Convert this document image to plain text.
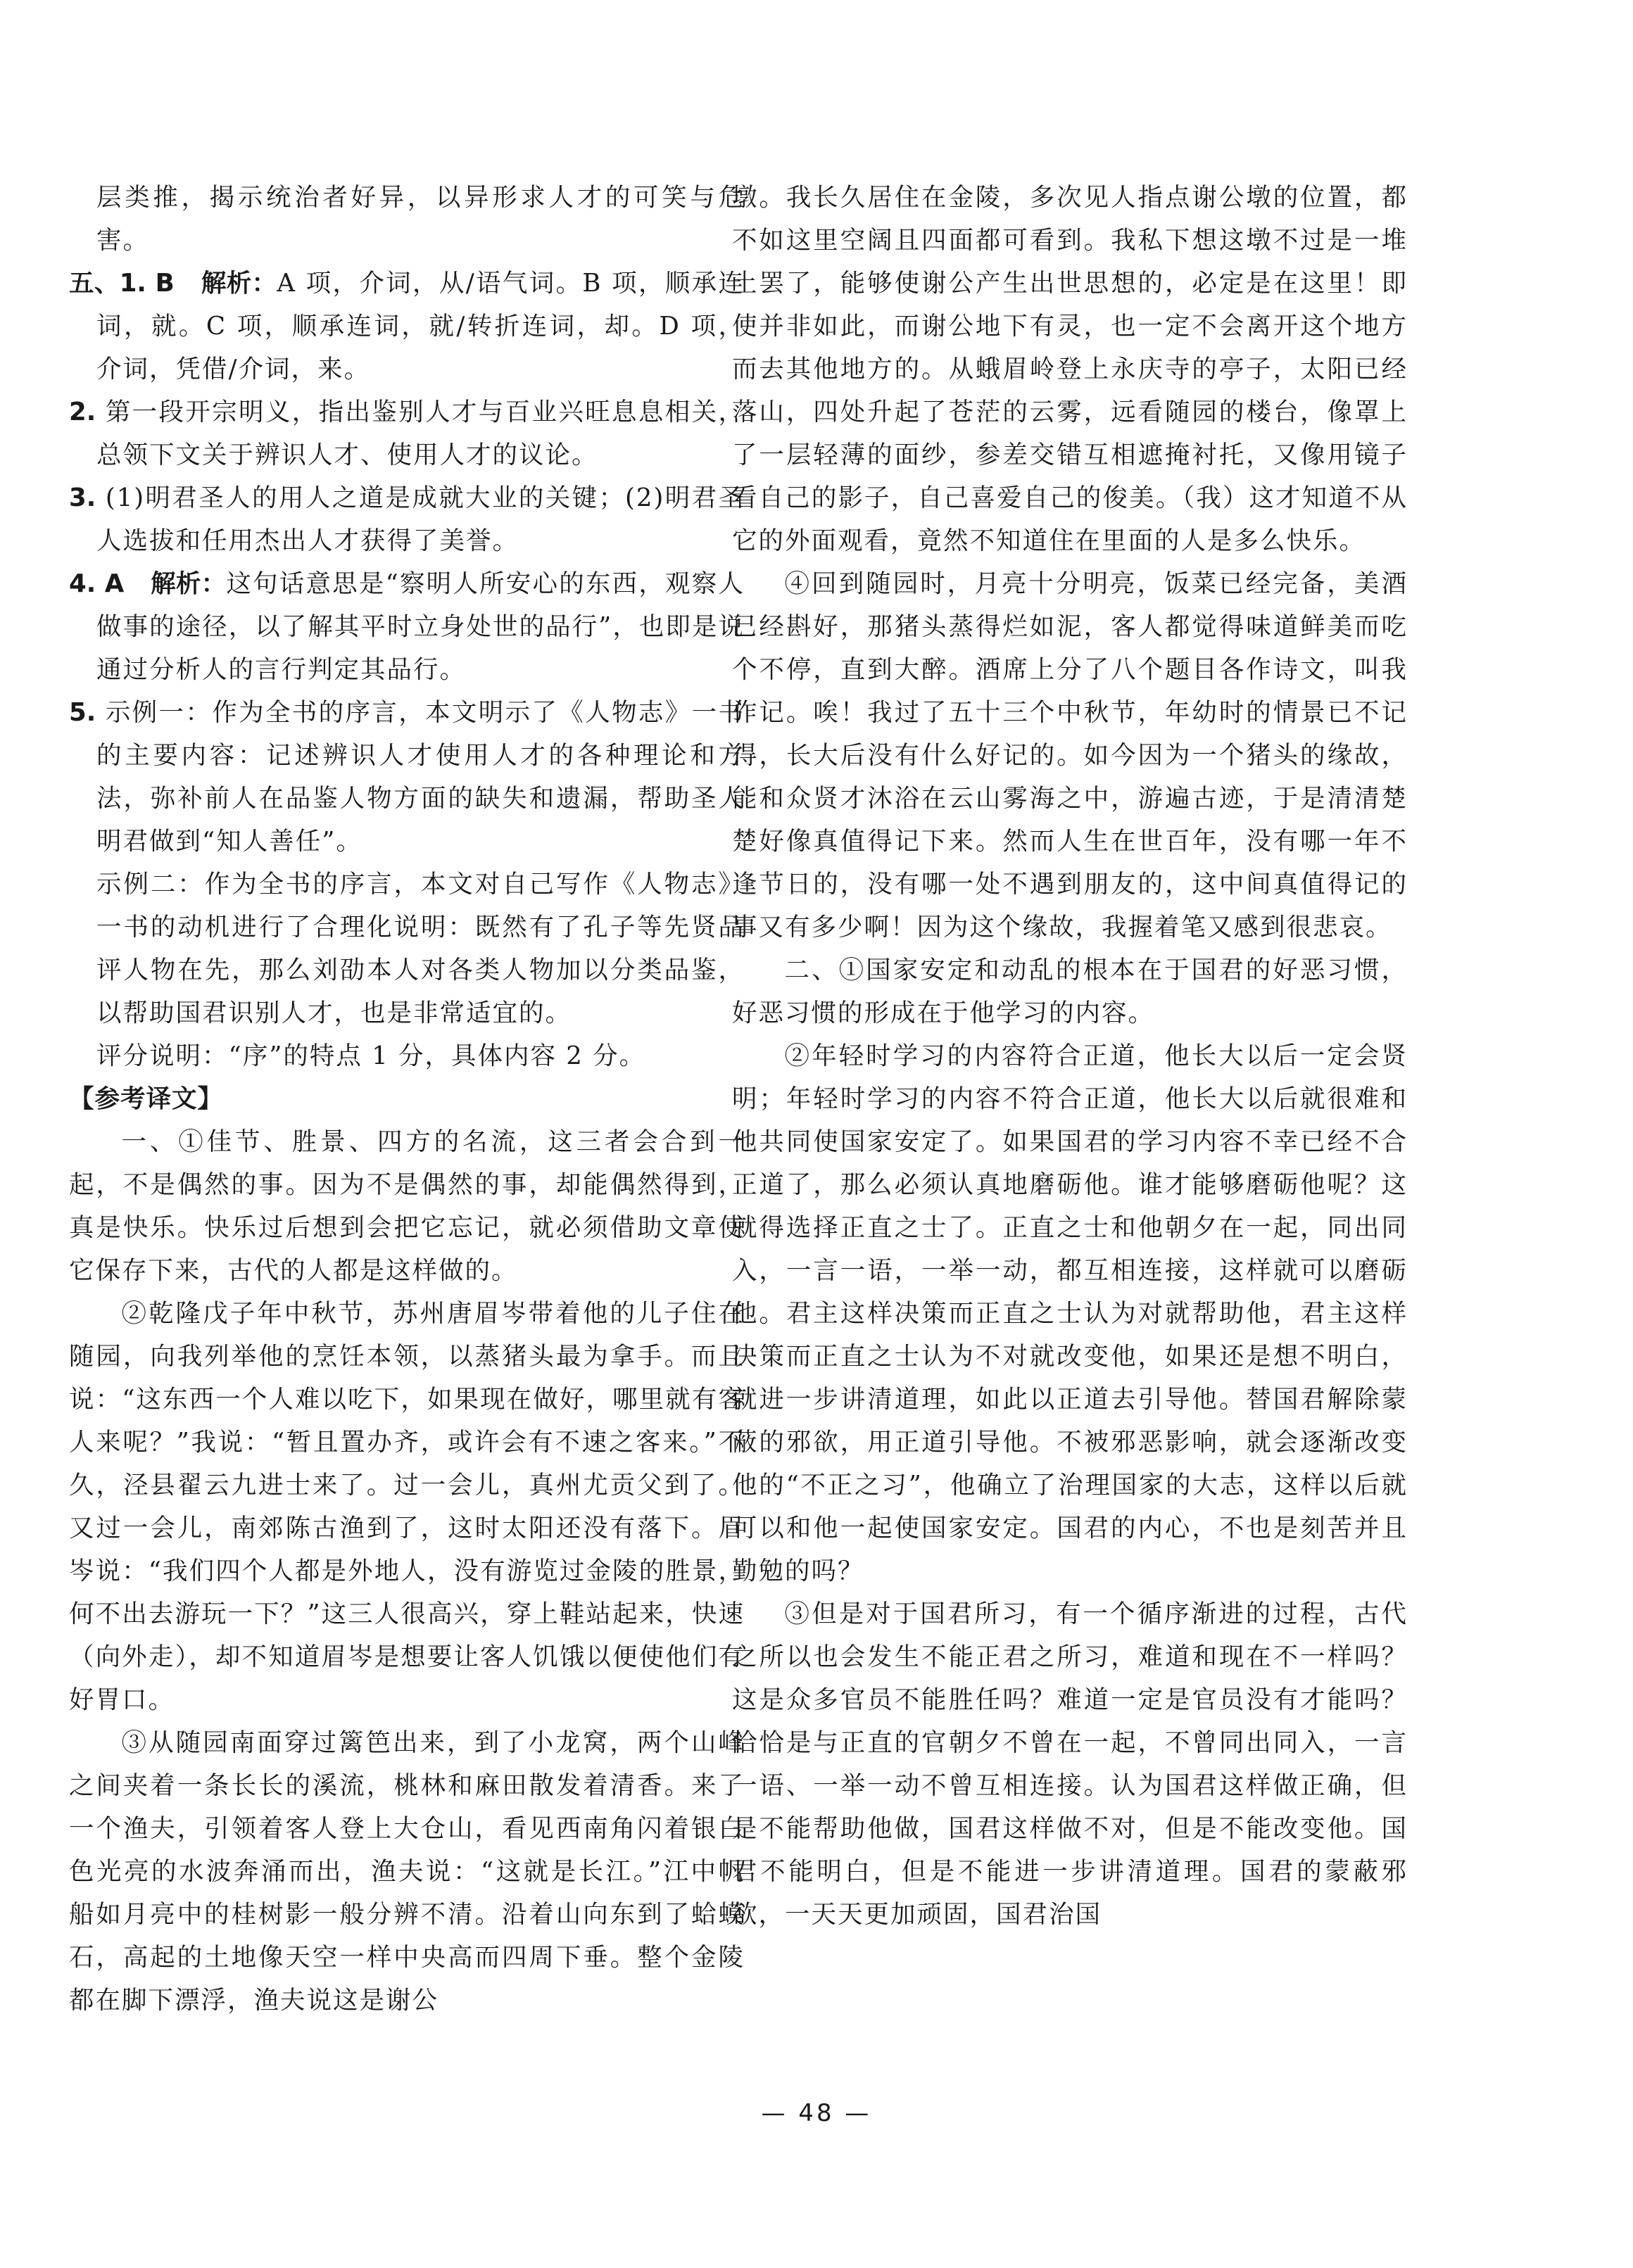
层类推，揭示统治者好异，以异形求人才的可笑与危害。

五、1. B　 解析：A 项，介词，从/语气词。B 项，顺承连词，就。C 项，顺承连词，就/转折连词，却。D 项，介词，凭借/介词，来。

2. 第一段开宗明义，指出鉴别人才与百业兴旺息息相关，总领下文关于辨识人才、使用人才的议论。

3. (1)明君圣人的用人之道是成就大业的关键；(2)明君圣人选拔和任用杰出人才获得了美誉。

4. A　 解析：这句话意思是“察明人所安心的东西，观察人做事的途径，以了解其平时立身处世的品行”，也即是说通过分析人的言行判定其品行。

5. 示例一：作为全书的序言，本文明示了《人物志》一书的主要内容：记述辨识人才使用人才的各种理论和方法，弥补前人在品鉴人物方面的缺失和遗漏，帮助圣人明君做到“知人善任”。

示例二：作为全书的序言，本文对自己写作《人物志》一书的动机进行了合理化说明：既然有了孔子等先贤品评人物在先，那么刘劭本人对各类人物加以分类品鉴，以帮助国君识别人才，也是非常适宜的。

评分说明：“序”的特点 1 分，具体内容 2 分。

【参考译文】

一、①佳节、胜景、四方的名流，这三者会合到一起，不是偶然的事。因为不是偶然的事，却能偶然得到，真是快乐。快乐过后想到会把它忘记，就必须借助文章使它保存下来，古代的人都是这样做的。

②乾隆戊子年中秋节，苏州唐眉岑带着他的儿子住在随园，向我列举他的烹饪本领，以蒸猪头最为拿手。而且说：“这东西一个人难以吃下，如果现在做好，哪里就有客人来呢？”我说：“暂且置办齐，或许会有不速之客来。”不久，泾县翟云九进士来了。过一会儿，真州尤贡父到了。又过一会儿，南郊陈古渔到了，这时太阳还没有落下。眉岑说：“我们四个人都是外地人，没有游览过金陵的胜景，何不出去游玩一下？”这三人很高兴，穿上鞋站起来，快速（向外走），却不知道眉岑是想要让客人饥饿以便使他们有好胃口。

③从随园南面穿过篱笆出来，到了小龙窝，两个山峰之间夹着一条长长的溪流，桃林和麻田散发着清香。来了一个渔夫，引领着客人登上大仓山，看见西南角闪着银白色光亮的水波奔涌而出，渔夫说：“这就是长江。”江中帆船如月亮中的桂树影一般分辨不清。沿着山向东到了蛤蟆石，高起的土地像天空一样中央高而四周下垂。整个金陵都在脚下漂浮，渔夫说这是谢公

墩。我长久居住在金陵，多次见人指点谢公墩的位置，都不如这里空阔且四面都可看到。我私下想这墩不过是一堆土罢了，能够使谢公产生出世思想的，必定是在这里！即使并非如此，而谢公地下有灵，也一定不会离开这个地方而去其他地方的。从蛾眉岭登上永庆寺的亭子，太阳已经落山，四处升起了苍茫的云雾，远看随园的楼台，像罩上了一层轻薄的面纱，参差交错互相遮掩衬托，又像用镜子看自己的影子，自己喜爱自己的俊美。（我）这才知道不从它的外面观看，竟然不知道住在里面的人是多么快乐。

④回到随园时，月亮十分明亮，饭菜已经完备，美酒已经斟好，那猪头蒸得烂如泥，客人都觉得味道鲜美而吃个不停，直到大醉。酒席上分了八个题目各作诗文，叫我作记。唉！我过了五十三个中秋节，年幼时的情景已不记得，长大后没有什么好记的。如今因为一个猪头的缘故，能和众贤才沐浴在云山雾海之中，游遍古迹，于是清清楚楚好像真值得记下来。然而人生在世百年，没有哪一年不逢节日的，没有哪一处不遇到朋友的，这中间真值得记的事又有多少啊！因为这个缘故，我握着笔又感到很悲哀。

二、①国家安定和动乱的根本在于国君的好恶习惯，好恶习惯的形成在于他学习的内容。

②年轻时学习的内容符合正道，他长大以后一定会贤明；年轻时学习的内容不符合正道，他长大以后就很难和他共同使国家安定了。如果国君的学习内容不幸已经不合正道了，那么必须认真地磨砺他。谁才能够磨砺他呢？这就得选择正直之士了。正直之士和他朝夕在一起，同出同入，一言一语，一举一动，都互相连接，这样就可以磨砺他。君主这样决策而正直之士认为对就帮助他，君主这样决策而正直之士认为不对就改变他，如果还是想不明白，就进一步讲清道理，如此以正道去引导他。替国君解除蒙蔽的邪欲，用正道引导他。不被邪恶影响，就会逐渐改变他的“不正之习”，他确立了治理国家的大志，这样以后就可以和他一起使国家安定。国君的内心，不也是刻苦并且勤勉的吗？

③但是对于国君所习，有一个循序渐进的过程，古代之所以也会发生不能正君之所习，难道和现在不一样吗？这是众多官员不能胜任吗？难道一定是官员没有才能吗？恰恰是与正直的官朝夕不曾在一起，不曾同出同入，一言一语、一举一动不曾互相连接。认为国君这样做正确，但是不能帮助他做，国君这样做不对，但是不能改变他。国君不能明白，但是不能进一步讲清道理。国君的蒙蔽邪欲，一天天更加顽固，国君治国

— 48 —
